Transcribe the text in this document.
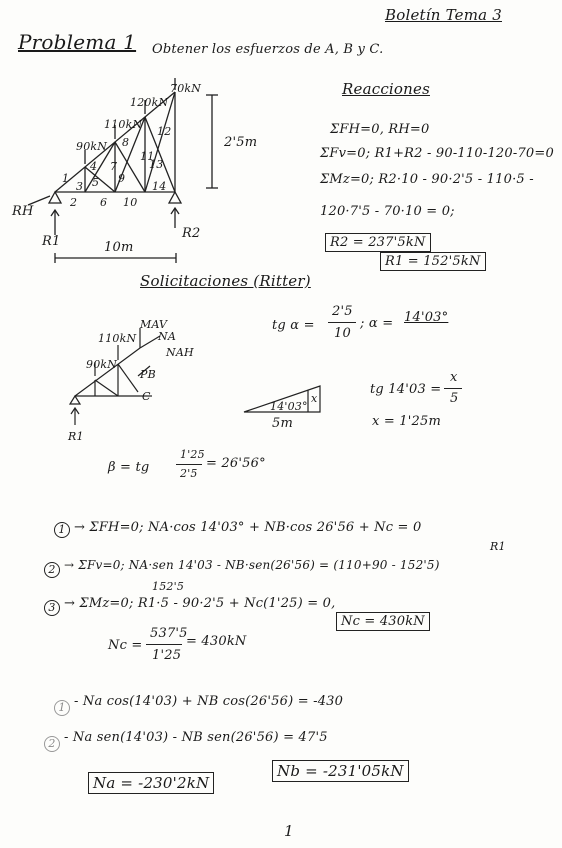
Boletín Tema 3
Problema 1 Obtener los esfuerzos de A, B y C.
90kN
110kN
120kN
70kN
2'5m
10m
RH
R1
R2
1
2
3
4
5
6
7
8
9
10
11
12
13
14
Reacciones
ΣFH=0, RH=0
ΣFv=0; R1+R2 - 90-110-120-70=0
ΣMz=0; R2·10 - 90·2'5 - 110·5 -
120·7'5 - 70·10 = 0;
R2 = 237'5kN
R1 = 152'5kN
Solicitaciones (Ritter)
tg α =
2'5
10
; α = 14'03°
14'03°
x
5m
tg 14'03 =
x
5
x = 1'25m
110kN
MAV
NA
NAH
90kN
PB
C
R1
β = tg
1'25
2'5
= 26'56°
1 → ΣFH=0; NA·cos 14'03° + NB·cos 26'56 + Nc = 0
R1
2 → ΣFv=0; NA·sen 14'03 - NB·sen(26'56) = (110+90 - 152'5)
152'5
3 → ΣMz=0; R1·5 - 90·2'5 + Nc(1'25) = 0,
Nc =
537'5
1'25
= 430kN
Nc = 430kN
1 - Na cos(14'03) + NB cos(26'56) = -430
2 - Na sen(14'03) - NB sen(26'56) = 47'5
Na = -230'2kN
Nb = -231'05kN
1
